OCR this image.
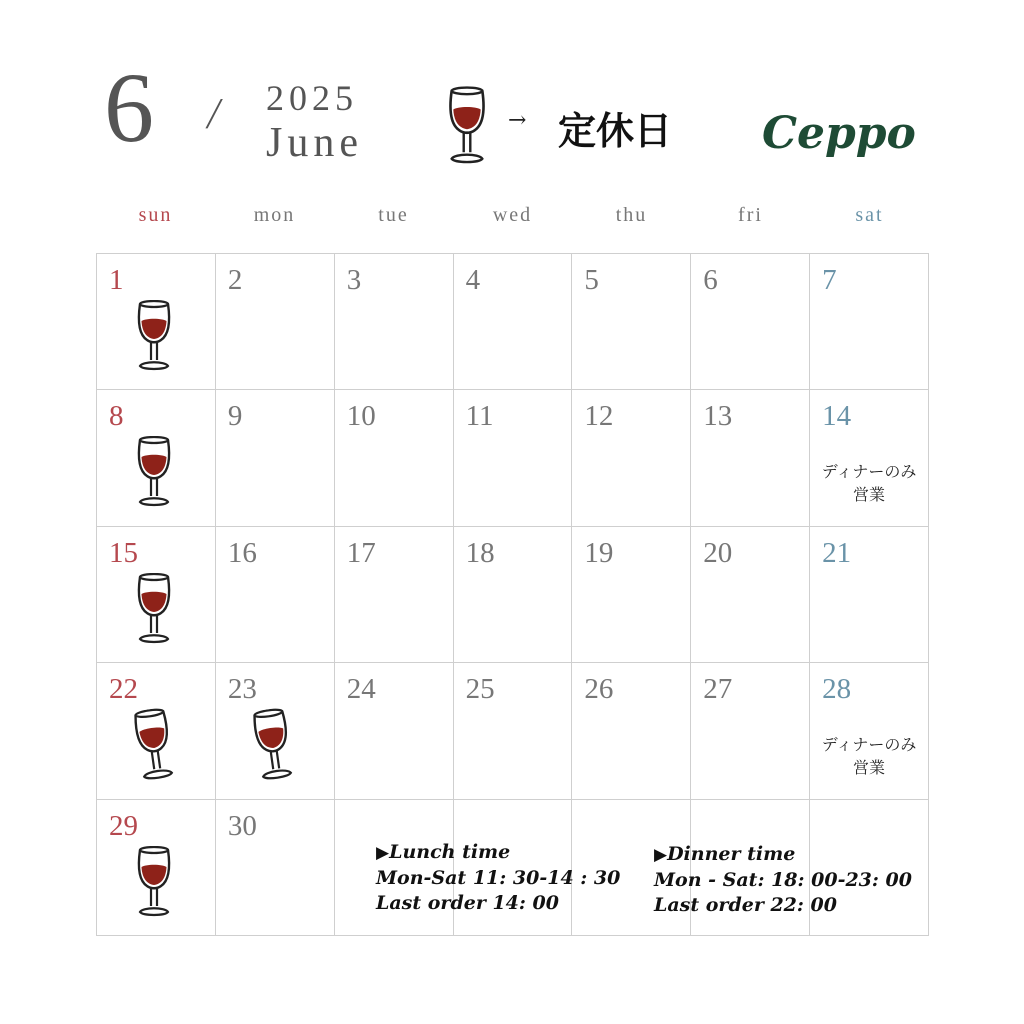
6 / 2025
June	→ 定休日 Ceppo
sun	mon	tue	wed	thu	fri	sat
1	2	3	4	5	6	7
8	9	10	11	12	13	14
ディナーのみ
営業
15	16	17	18	19	20	21
22	23	24	25	26	27	28
ディナーのみ
営業
29	30
▶Lunch time
Mon-Sat 11: 30-14 : 30
Last order 14: 00
▶Dinner time
Mon - Sat: 18: 00-23: 00
Last order 22: 00
